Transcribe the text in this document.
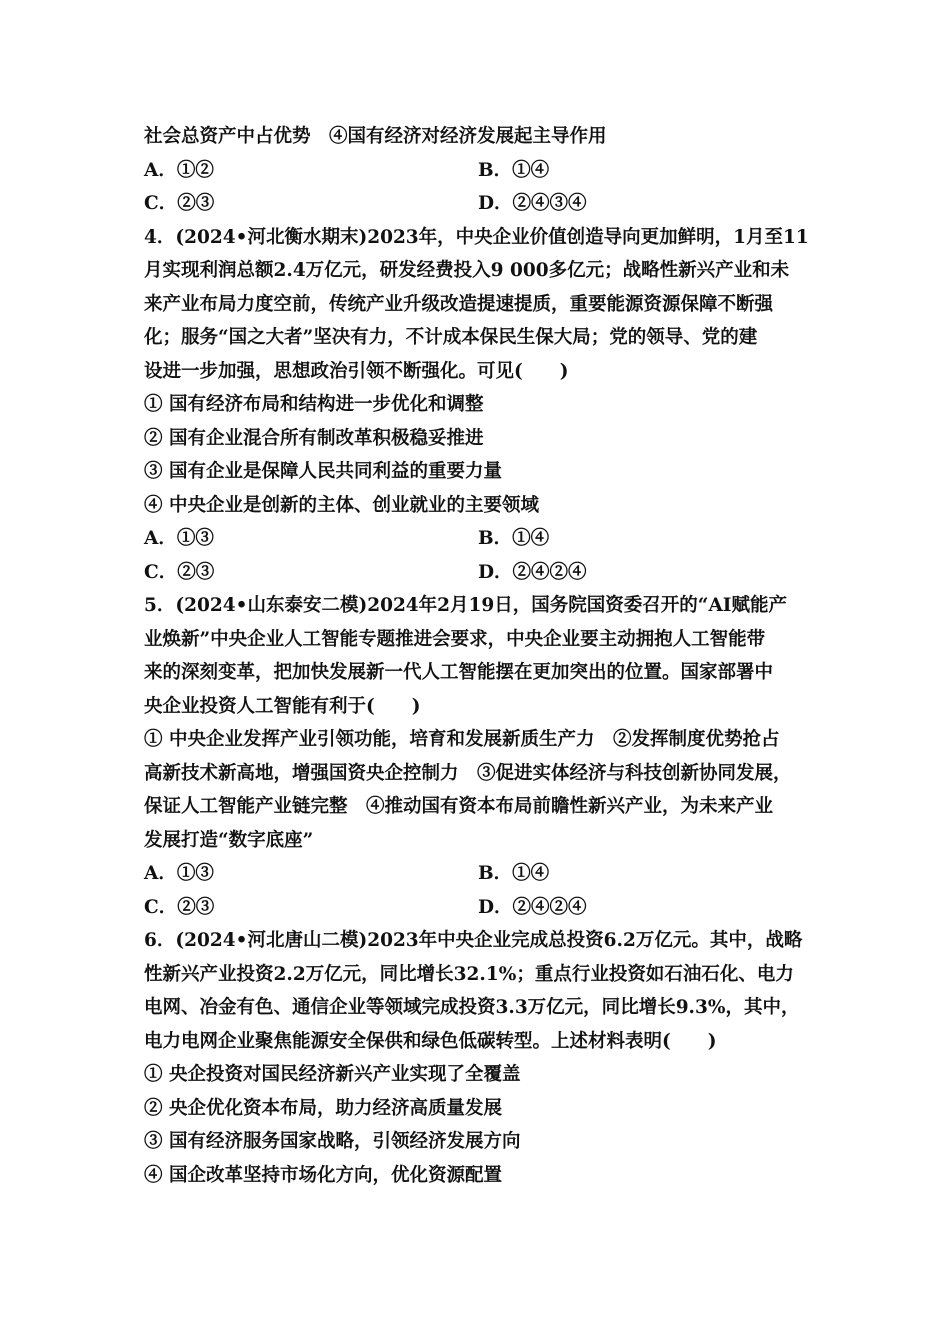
社会总资产中占优势　④国有经济对经济发展起主导作用
A．①②	B．①④
C．②③	D．②④③④
4．(2024•河北衡水期末)2023年，中央企业价值创造导向更加鲜明，1月至11
月实现利润总额2.4万亿元，研发经费投入9 000多亿元；战略性新兴产业和未
来产业布局力度空前，传统产业升级改造提速提质，重要能源资源保障不断强
化；服务“国之大者”坚决有力，不计成本保民生保大局；党的领导、党的建
设进一步加强，思想政治引领不断强化。可见(　　)
① 国有经济布局和结构进一步优化和调整
② 国有企业混合所有制改革积极稳妥推进
③ 国有企业是保障人民共同利益的重要力量
④ 中央企业是创新的主体、创业就业的主要领域
A．①③	B．①④
C．②③	D．②④②④
5．(2024•山东泰安二模)2024年2月19日，国务院国资委召开的“AI赋能产
业焕新”中央企业人工智能专题推进会要求，中央企业要主动拥抱人工智能带
来的深刻变革，把加快发展新一代人工智能摆在更加突出的位置。国家部署中
央企业投资人工智能有利于(　　)
① 中央企业发挥产业引领功能，培育和发展新质生产力　②发挥制度优势抢占
高新技术新高地，增强国资央企控制力　③促进实体经济与科技创新协同发展，
保证人工智能产业链完整　④推动国有资本布局前瞻性新兴产业，为未来产业
发展打造“数字底座”
A．①③	B．①④
C．②③	D．②④②④
6．(2024•河北唐山二模)2023年中央企业完成总投资6.2万亿元。其中，战略
性新兴产业投资2.2万亿元，同比增长32.1%；重点行业投资如石油石化、电力
电网、冶金有色、通信企业等领域完成投资3.3万亿元，同比增长9.3%，其中，
电力电网企业聚焦能源安全保供和绿色低碳转型。上述材料表明(　　)
① 央企投资对国民经济新兴产业实现了全覆盖
② 央企优化资本布局，助力经济高质量发展
③ 国有经济服务国家战略，引领经济发展方向
④ 国企改革坚持市场化方向，优化资源配置
